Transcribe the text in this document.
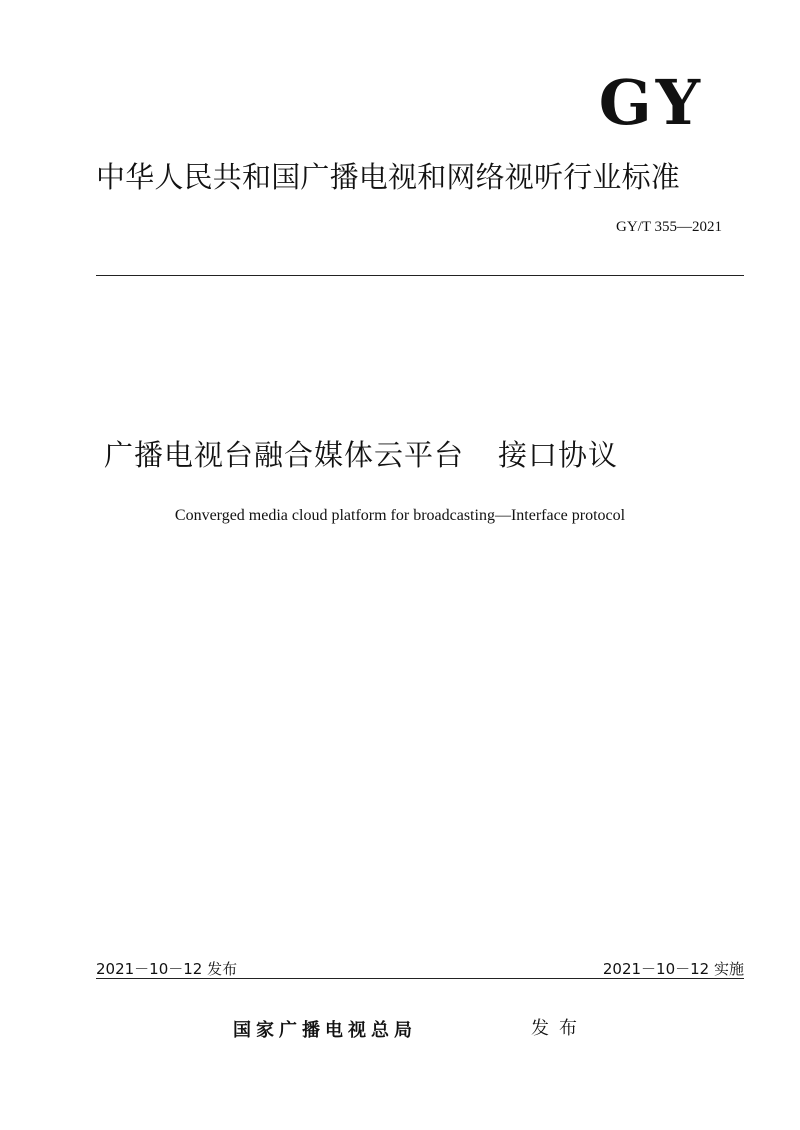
GY
中华人民共和国广播电视和网络视听行业标准
GY/T 355—2021
广播电视台融合媒体云平台 接口协议
Converged media cloud platform for broadcasting—Interface protocol
2021－10－12 发布	2021－10－12 实施
国家广播电视总局	发布
